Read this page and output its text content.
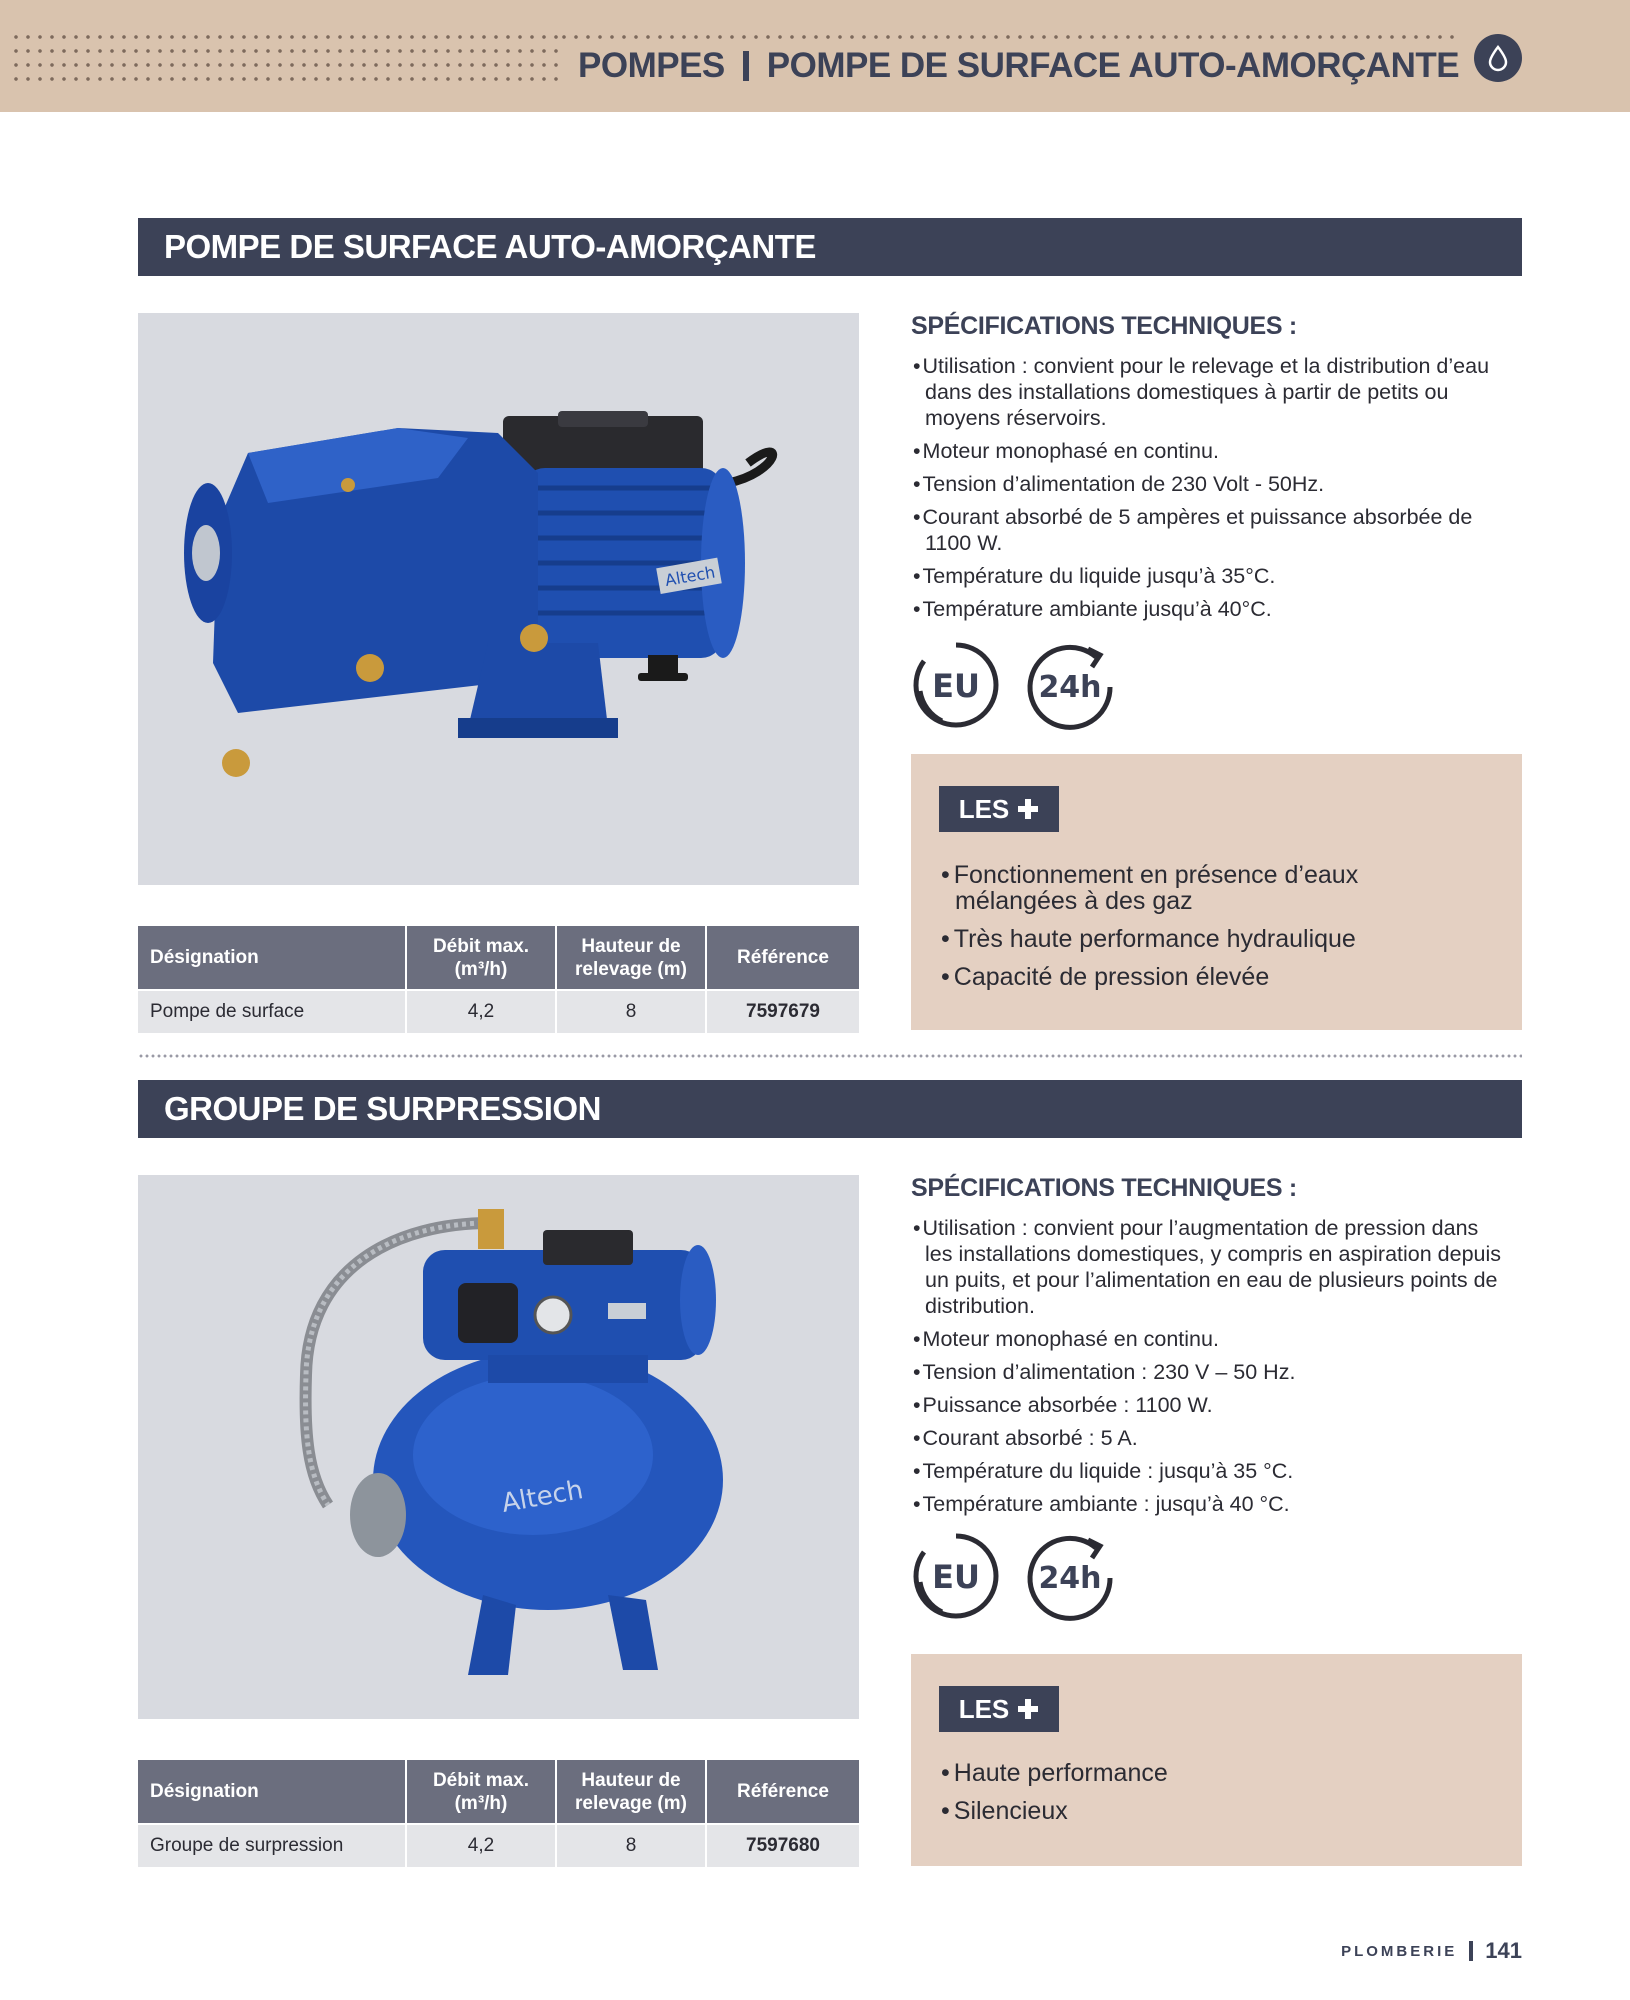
POMPES POMPE DE SURFACE AUTO-AMORÇANTE
POMPE DE SURFACE AUTO-AMORÇANTE
Altech
SPÉCIFICATIONS TECHNIQUES :
• Utilisation : convient pour le relevage et la distribution d’eau dans des installations domestiques à partir de petits ou moyens réservoirs.
• Moteur monophasé en continu.
• Tension d’alimentation de 230 Volt - 50Hz.
• Courant absorbé de 5 ampères et puissance absorbée de 1100 W.
• Température du liquide jusqu’à 35°C.
• Température ambiante jusqu’à 40°C.
EU 24h
LES
• Fonctionnement en présence d’eaux mélangées à des gaz
• Très haute performance hydraulique
• Capacité de pression élevée
Désignation	Débit max. (m³/h)	Hauteur de relevage (m)	Référence
Pompe de surface	4,2	8	7597679
GROUPE DE SURPRESSION
Altech
SPÉCIFICATIONS TECHNIQUES :
• Utilisation : convient pour l’augmentation de pression dans les installations domestiques, y compris en aspiration depuis un puits, et pour l’alimentation en eau de plusieurs points de distribution.
• Moteur monophasé en continu.
• Tension d’alimentation : 230 V – 50 Hz.
• Puissance absorbée : 1100 W.
• Courant absorbé : 5 A.
• Température du liquide : jusqu’à 35 °C.
• Température ambiante : jusqu’à 40 °C.
EU 24h
LES
• Haute performance
• Silencieux
Désignation	Débit max. (m³/h)	Hauteur de relevage (m)	Référence
Groupe de surpression	4,2	8	7597680
PLOMBERIE 141
